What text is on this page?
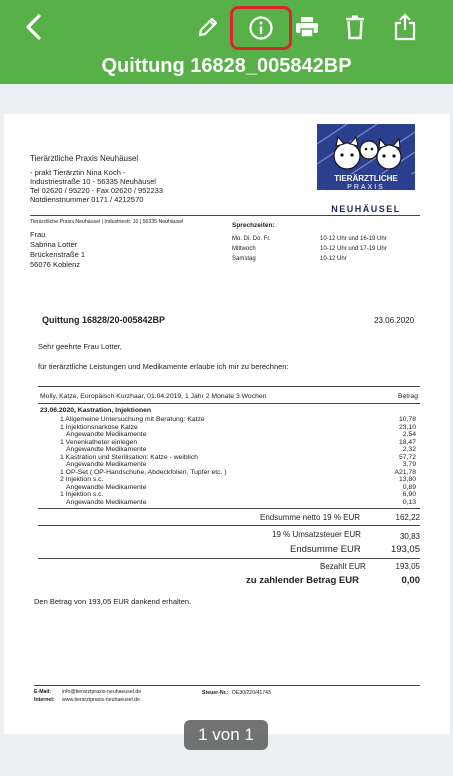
Quittung 16828_005842BP
Tierärztliche Praxis Neuhäusel
- prakt Tierärztin Nina Koch -
Industriestraße 10 - 56335 Neuhäusel
Tel 02620 / 95220 - Fax 02620 / 952233
Notdienstnummer 0171 / 4212570
TIERÄRZTLICHE
PRAXIS
NEUHÄUSEL
Tierärztliche Praxis Neuhäusel | Industriestr. 10 | 56335 Neuhäusel
Frau
Sabrina Lotter
Brückenstraße 1
56076 Koblenz
Sprechzeiten:
Mo. Di. Do. Fr.	10-12 Uhr und 16-19 Uhr
Mittwoch	10-12 Uhr und 17-19 Uhr
Samstag	10-12 Uhr
Quittung 16828/20-005842BP	23.06.2020
Sehr geehrte Frau Lotter,
für tierärztliche Leistungen und Medikamente erlaube ich mir zu berechnen:
Molly, Katze, Europäisch Kurzhaar, 01.04.2019, 1 Jahr 2 Monate 3 Wochen	Betrag
23.06.2020, Kastration, Injektionen
1 Allgemeine Untersuchung mit Beratung: Katze	10,78
1 Injektionsnarkose Katze	23,10
Angewandte Medikamente	2,54
1 Venenkatheter einlegen	18,47
Angewandte Medikamente	2,32
1 Kastration und Sterilisation: Katze - weiblich	57,72
Angewandte Medikamente	3,79
1 OP-Set ( OP-Handschuhe, Abdeckfolien, Tupfer etc. )	A21,78
2 Injektion s.c.	13,80
Angewandte Medikamente	0,89
1 Injektion s.c.	6,90
Angewandte Medikamente	0,13
Endsumme netto 19 % EUR	162,22
19 % Umsatzsteuer EUR	30,83
Endsumme EUR	193,05
Bezahlt EUR	193,05
zu zahlender Betrag EUR	0,00
Den Betrag von 193,05 EUR dankend erhalten.
E-Mail: info@tierarztpraxis-neuhaeusel.de
Internet: www.tierarztpraxis-neuhaeusel.de
Steuer-Nr.: DE30/220/41743
1 von 1
